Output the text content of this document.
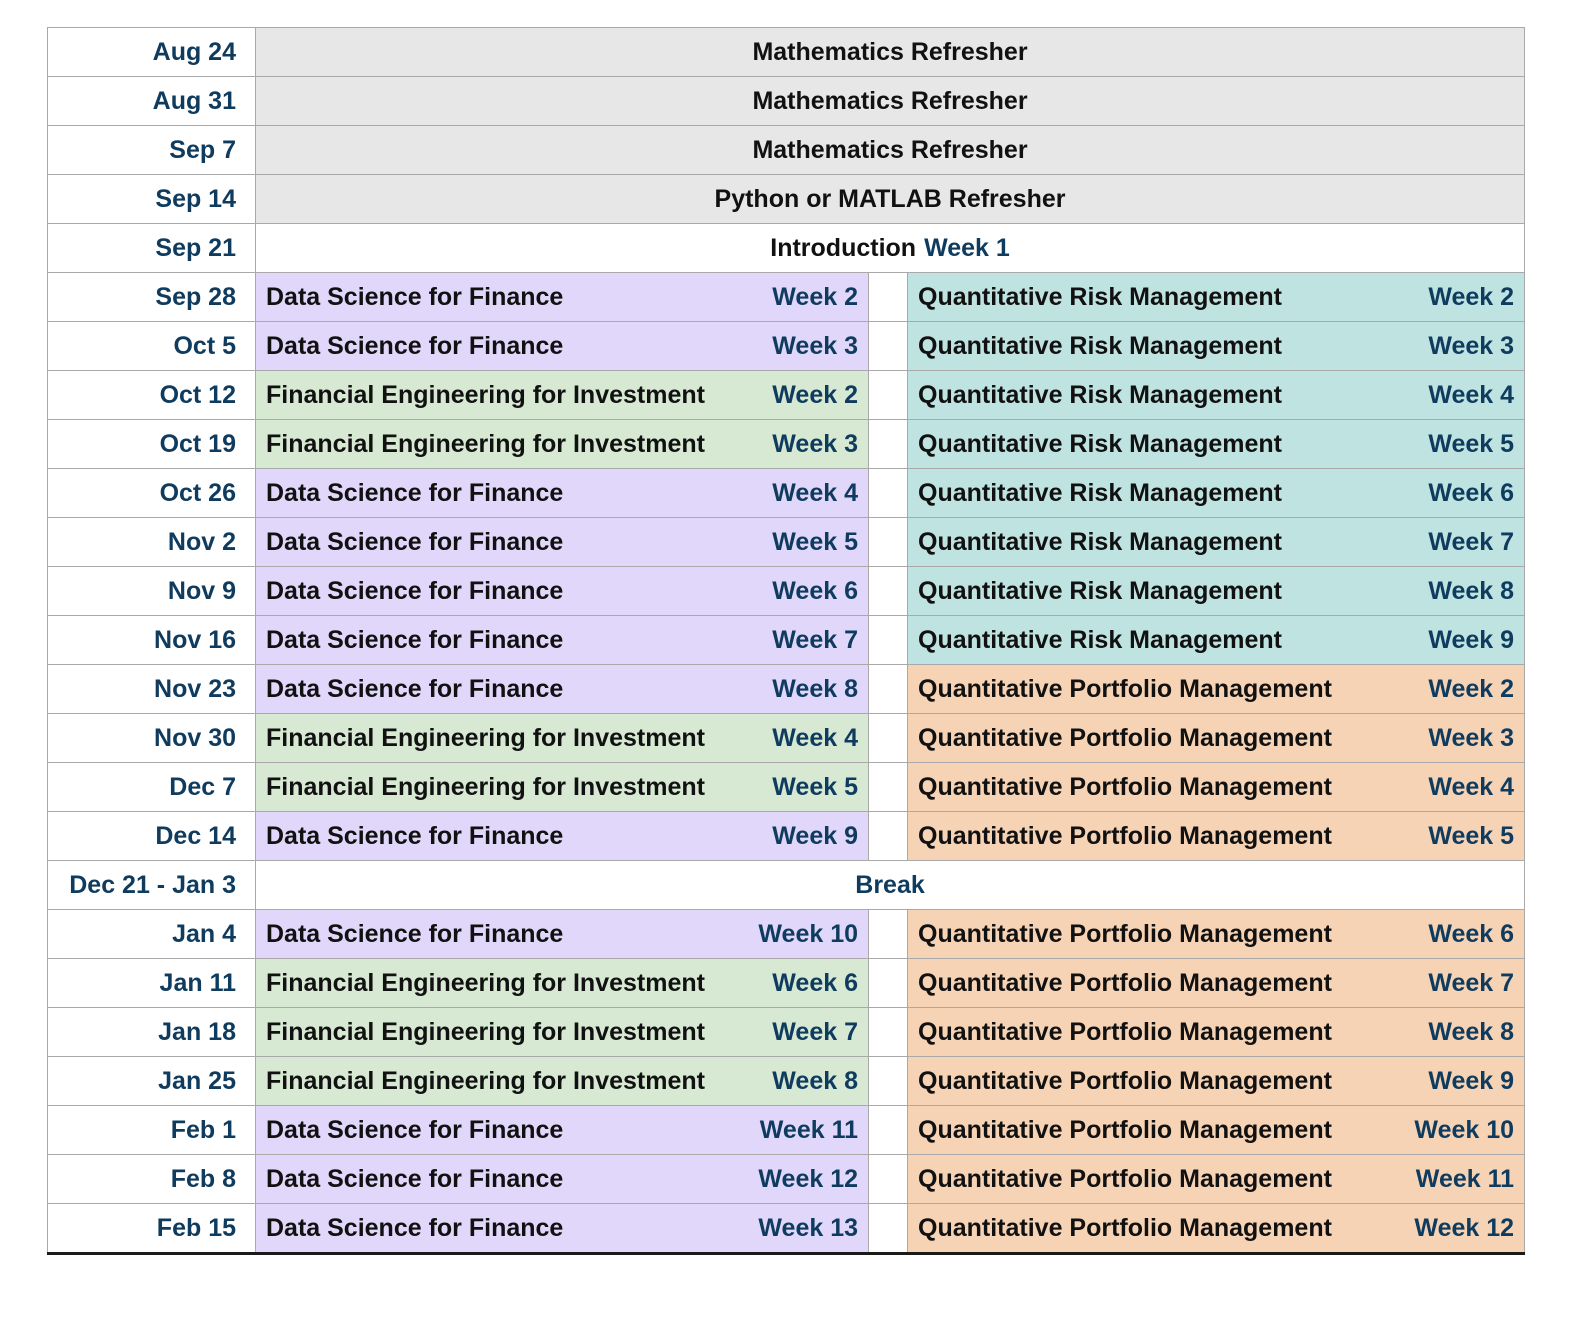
Aug 24	Mathematics Refresher		
Aug 31	Mathematics Refresher		
Sep 7	Mathematics Refresher		
Sep 14	Python or MATLAB Refresher		
Sep 21	Introduction Week 1		
Sep 28	Data Science for Finance Week 2		Quantitative Risk Management Week 2

Oct 5	Data Science for Finance Week 3		Quantitative Risk Management Week 3

Oct 12	Financial Engineering for Investment Week 2		Quantitative Risk Management Week 4

Oct 19	Financial Engineering for Investment Week 3		Quantitative Risk Management Week 5

Oct 26	Data Science for Finance Week 4		Quantitative Risk Management Week 6

Nov 2	Data Science for Finance Week 5		Quantitative Risk Management Week 7

Nov 9	Data Science for Finance Week 6		Quantitative Risk Management Week 8

Nov 16	Data Science for Finance Week 7		Quantitative Risk Management Week 9

Nov 23	Data Science for Finance Week 8		Quantitative Portfolio Management Week 2

Nov 30	Financial Engineering for Investment Week 4		Quantitative Portfolio Management Week 3

Dec 7	Financial Engineering for Investment Week 5		Quantitative Portfolio Management Week 4

Dec 14	Data Science for Finance Week 9		Quantitative Portfolio Management Week 5

Dec 21 - Jan 3	Break		
Jan 4	Data Science for Finance Week 10		Quantitative Portfolio Management Week 6

Jan 11	Financial Engineering for Investment Week 6		Quantitative Portfolio Management Week 7

Jan 18	Financial Engineering for Investment Week 7		Quantitative Portfolio Management Week 8

Jan 25	Financial Engineering for Investment Week 8		Quantitative Portfolio Management Week 9

Feb 1	Data Science for Finance Week 11		Quantitative Portfolio Management Week 10

Feb 8	Data Science for Finance Week 12		Quantitative Portfolio Management Week 11

Feb 15	Data Science for Finance Week 13		Quantitative Portfolio Management Week 12
